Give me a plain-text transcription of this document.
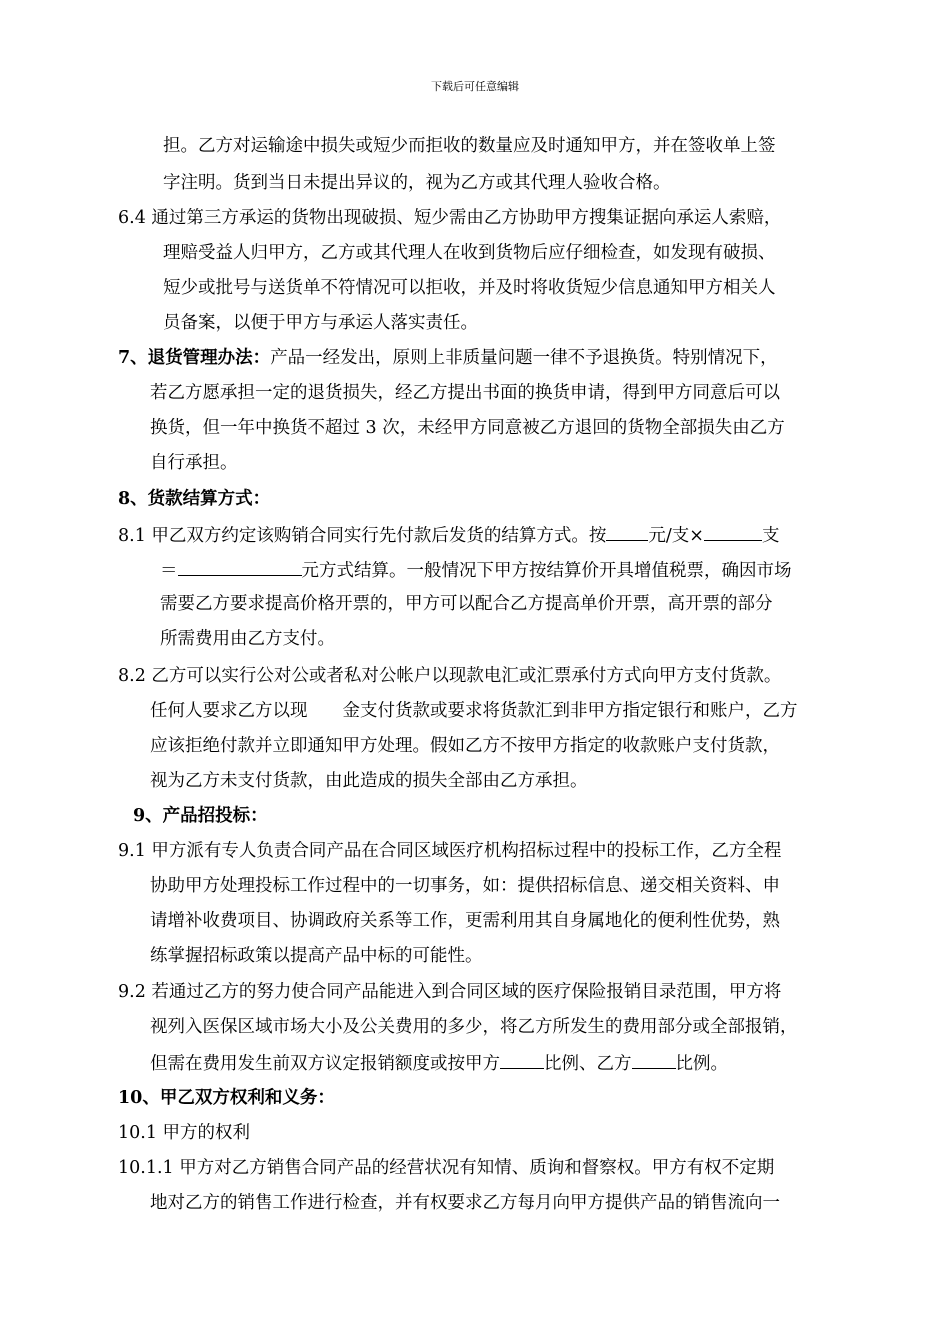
下载后可任意编辑
担。乙方对运输途中损失或短少而拒收的数量应及时通知甲方，并在签收单上签
字注明。货到当日未提出异议的，视为乙方或其代理人验收合格。
6.4 通过第三方承运的货物出现破损、短少需由乙方协助甲方搜集证据向承运人索赔，
理赔受益人归甲方，乙方或其代理人在收到货物后应仔细检查，如发现有破损、
短少或批号与送货单不符情况可以拒收，并及时将收货短少信息通知甲方相关人
员备案，以便于甲方与承运人落实责任。
7、退货管理办法：产品一经发出，原则上非质量问题一律不予退换货。特别情况下，
若乙方愿承担一定的退货损失，经乙方提出书面的换货申请，得到甲方同意后可以
换货，但一年中换货不超过 3 次，未经甲方同意被乙方退回的货物全部损失由乙方
自行承担。
8、货款结算方式：
8.1 甲乙双方约定该购销合同实行先付款后发货的结算方式。按 元/支×	支
＝	元方式结算。一般情况下甲方按结算价开具增值税票，确因市场
需要乙方要求提高价格开票的，甲方可以配合乙方提高单价开票，高开票的部分
所需费用由乙方支付。
8.2 乙方可以实行公对公或者私对公帐户以现款电汇或汇票承付方式向甲方支付货款。
任何人要求乙方以现　　金支付货款或要求将货款汇到非甲方指定银行和账户，乙方
应该拒绝付款并立即通知甲方处理。假如乙方不按甲方指定的收款账户支付货款，
视为乙方未支付货款，由此造成的损失全部由乙方承担。
9、产品招投标：
9.1 甲方派有专人负责合同产品在合同区域医疗机构招标过程中的投标工作，乙方全程
协助甲方处理投标工作过程中的一切事务，如：提供招标信息、递交相关资料、申
请增补收费项目、协调政府关系等工作，更需利用其自身属地化的便利性优势，熟
练掌握招标政策以提高产品中标的可能性。
9.2 若通过乙方的努力使合同产品能进入到合同区域的医疗保险报销目录范围，甲方将
视列入医保区域市场大小及公关费用的多少，将乙方所发生的费用部分或全部报销，
但需在费用发生前双方议定报销额度或按甲方	比例、乙方	比例。
10、甲乙双方权利和义务：
10.1 甲方的权利
10.1.1 甲方对乙方销售合同产品的经营状况有知情、质询和督察权。甲方有权不定期
地对乙方的销售工作进行检查，并有权要求乙方每月向甲方提供产品的销售流向一
